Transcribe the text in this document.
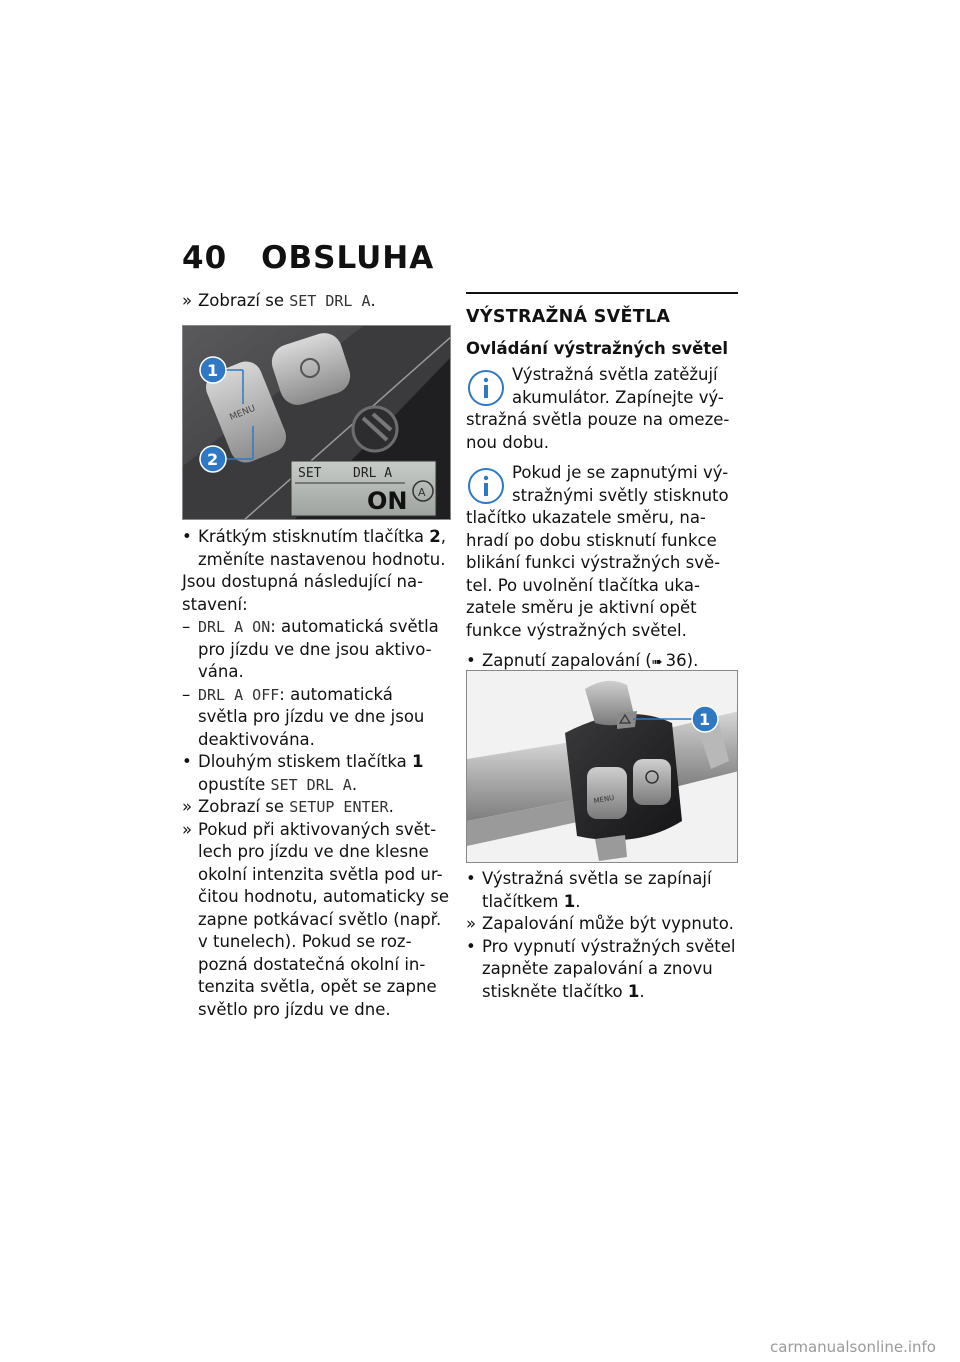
40 OBSLUHA
» Zobrazí se SET DRL A.
MENU
SET DRL A
ON A
1
2
• Krátkým stisknutím tlačítka 2,
změníte nastavenou hodnotu.
Jsou dostupná následující na-
stavení:
– DRL A ON: automatická světla
pro jízdu ve dne jsou aktivo-
vána.
– DRL A OFF: automatická
světla pro jízdu ve dne jsou
deaktivována.
• Dlouhým stiskem tlačítka 1
opustíte SET DRL A.
» Zobrazí se SETUP ENTER.
» Pokud při aktivovaných svět-
lech pro jízdu ve dne klesne
okolní intenzita světla pod ur-
čitou hodnotu, automaticky se
zapne potkávací světlo (např.
v tunelech). Pokud se roz-
pozná dostatečná okolní in-
tenzita světla, opět se zapne
světlo pro jízdu ve dne.
VÝSTRAŽNÁ SVĚTLA
Ovládání výstražných světel
Výstražná světla zatěžují
akumulátor. Zapínejte vý-
stražná světla pouze na omeze-
nou dobu.
Pokud je se zapnutými vý-
stražnými světly stisknuto
tlačítko ukazatele směru, na-
hradí po dobu stisknutí funkce
blikání funkci výstražných svě-
tel. Po uvolnění tlačítka uka-
zatele směru je aktivní opět
funkce výstražných světel.
• Zapnutí zapalování (➠ 36).
MENU
1
• Výstražná světla se zapínají
tlačítkem 1.
» Zapalování může být vypnuto.
• Pro vypnutí výstražných světel
zapněte zapalování a znovu
stiskněte tlačítko 1.
carmanualsonline.info
